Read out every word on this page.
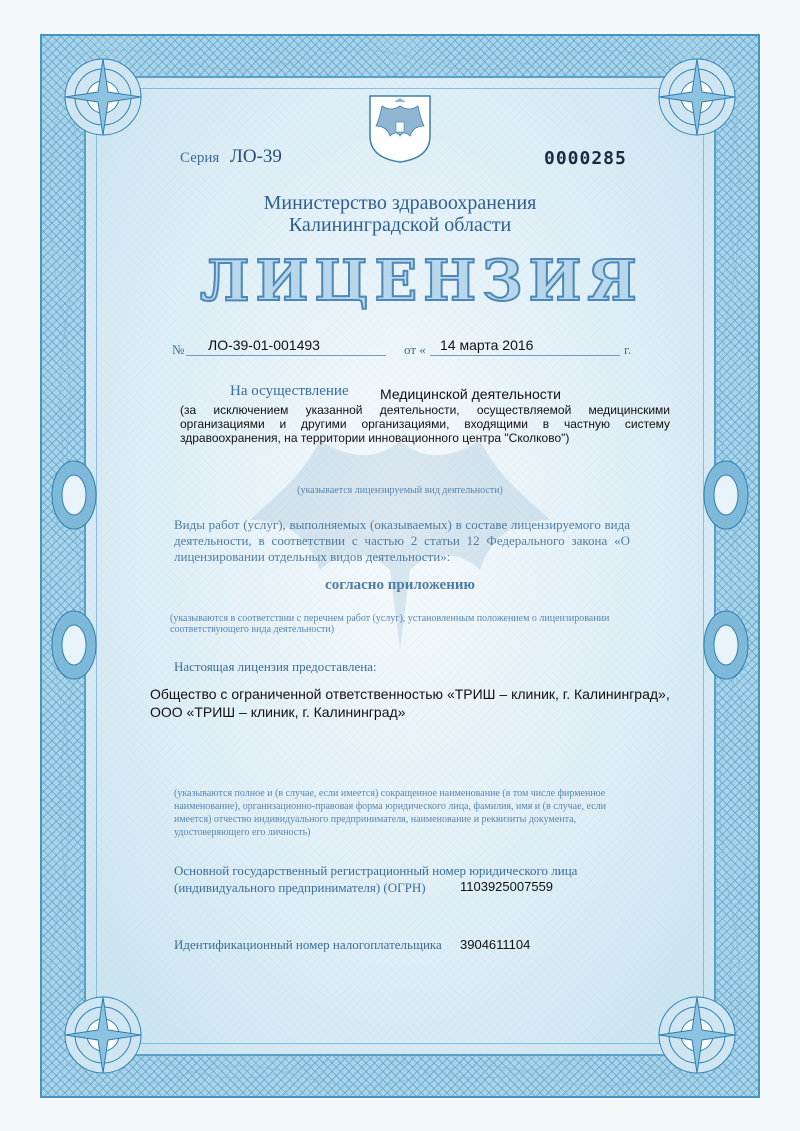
Серия ЛО-39	0000285
Министерство здравоохранения
Калининградской области
ЛИЦЕНЗИЯ
№ ЛО-39-01-001493	от « 14 марта 2016	г.
На осуществление Медицинской деятельности
(за исключением указанной деятельности, осуществляемой медицинскими организациями и другими организациями, входящими в частную систему здравоохранения, на территории инновационного центра "Сколково")
(указывается лицензируемый вид деятельности)
Виды работ (услуг), выполняемых (оказываемых) в составе лицензируемого вида деятельности, в соответствии с частью 2 статьи 12 Федерального закона «О лицензировании отдельных видов деятельности»:
согласно приложению
(указываются в соответствии с перечнем работ (услуг), установленным положением о лицензировании соответствующего вида деятельности)
Настоящая лицензия предоставлена:
Общество с ограниченной ответственностью «ТРИШ – клиник, г. Калининград»,
ООО «ТРИШ – клиник, г. Калининград»
(указываются полное и (в случае, если имеется) сокращенное наименование (в том числе фирменное наименование), организационно-правовая форма юридического лица, фамилия, имя и (в случае, если имеется) отчество индивидуального предпринимателя, наименование и реквизиты документа, удостоверяющего его личность)
Основной государственный регистрационный номер юридического лица
(индивидуального предпринимателя) (ОГРН)	1103925007559
Идентификационный номер налогоплательщика 3904611104
